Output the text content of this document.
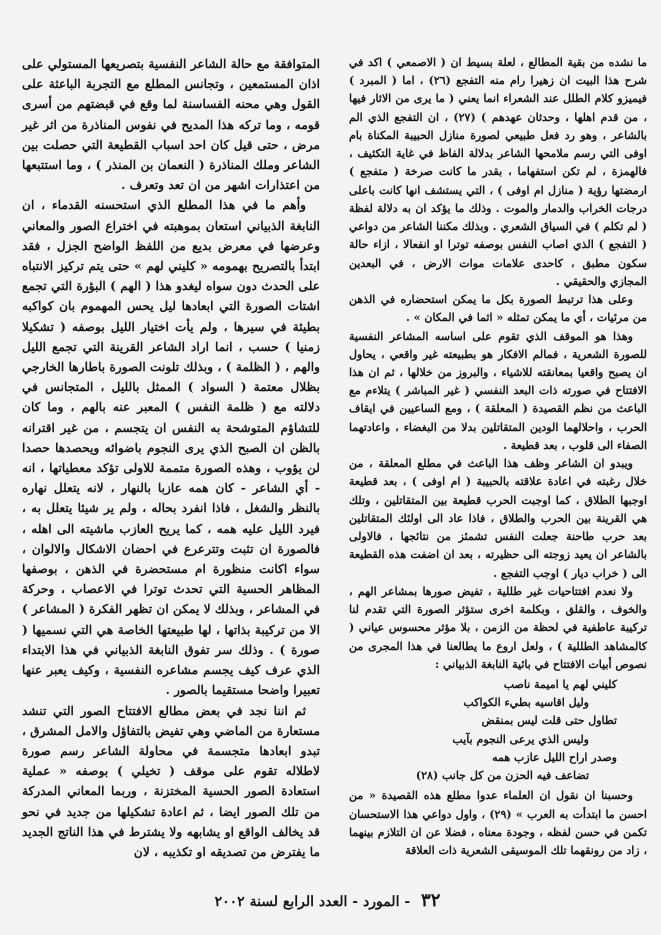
ما نشده من بقية المطالع ، لعلة بسيط ان ( الاصمعي ) اكد في شرح هذا البيت ان زهيرا رام منه التفجع (٢٦) ، اما ( المبرد ) فيميزو كلام الطلل عند الشعراء انما يعني ( ما يرى من الاثار فيها ، من قدم اهلها ، وحدثان عهدهم ) (٢٧) ، ان التفجع الذي الم بالشاعر ، وهو رد فعل طبيعي لصورة منازل الحبيبة المكناة بام اوفى التي رسم ملامحها الشاعر بدلالة الفاظ في غاية التكثيف ، فالهمزة ، لم تكن استفهاما ، بقدر ما كانت صرخة ( متفجع ) ارمضتها رؤية ( منازل ام اوفى ) ، التي يستشف انها كانت باعلى درجات الخراب والدمار والموت . وذلك ما يؤكد ان به دلالة لفظة ( لم تكلم ) في السياق الشعري . وبذلك مكننا الشاعر من دواعي ( التفجع ) الذي اصاب النفس بوصفه توترا او انفعالا ، ازاء حالة سكون مطبق ، كاحدى علامات موات الارض ، في البعدين المجازي والحقيقي .

وعلى هذا ترتبط الصورة بكل ما يمكن استحضاره في الذهن من مرئيات ، أي ما يمكن تمثله « اثما في المكان » .

وهذا هو الموقف الذي تقوم على اساسه المشاعر النفسية للصورة الشعرية ، فمالم الافكار هو بطبيعته غير واقعي ، يحاول ان يصبح واقعيا بمعانقته للاشياء ، والبروز من خلالها ، ثم ان هذا الافتتاح في صورته ذات البعد النفسي ( غير المباشر ) يتلاءم مع الباعث من نظم القصيدة ( المعلقة ) ، ومع الساعيين في ايقاف الحرب ، واحلالهما الودين المتقاتلين بدلا من البغضاء ، واعادتهما الصفاء الى قلوب ، بعد قطيعة .

ويبدو ان الشاعر وظف هذا الباعث في مطلع المعلقة ، من خلال رغبته في اعادة علاقته بالحبيبة ( ام اوفى ) ، بعد قطيعة اوجبها الطلاق ، كما اوجبت الحرب قطيعة بين المتقاتلين ، وتلك هي القرينة بين الحرب والطلاق ، فاذا عاد الى اولئك المتقاتلين بعد حرب طاحنة جعلت النفس تشمئز من نتائجها ، فالاولى بالشاعر ان يعيد زوجته الى حظيرته ، بعد ان اضفت هذه القطيعة الى ( خراب ديار ) اوجب التفجع .

ولا نعدم افتتاحيات غير طللية ، تفيض صورها بمشاعر الهم ، والخوف ، والقلق ، وبكلمة اخرى ستؤثر الصورة التي تقدم لنا تركيبة عاطفية في لحظة من الزمن ، بلا مؤثر محسوس عياني ( كالمشاهد الطللية ) ، ولعل اروع ما يطالعنا في هذا المجرى من نصوص أبيات الافتتاح في بائية النابغة الذبياني :

كليني لهم يا اميمة ناصب
وليل اقاسيه بطيء الكواكب
تطاول حتى قلت ليس بمنقض
وليس الذي يرعى النجوم بآيب
وصدر اراح الليل عازب همه
تضاعف فيه الحزن من كل جانب (٢٨)

وحسبنا ان نقول ان العلماء عدوا مطلع هذه القصيدة « من احسن ما ابتدأت به العرب » (٢٩) ، واول دواعي هذا الاستحسان تكمن في حسن لفظه ، وجودة معناه ، فضلا عن ان التلازم بينهما ، زاد من رونقهما تلك الموسيقى الشعرية ذات العلاقة

المتوافقة مع حالة الشاعر النفسية بتصريعها المستولي على اذان المستمعين ، وتجانس المطلع مع التجربة الباعثة على القول وهي محنه الفساسنة لما وقع في قبضتهم من أسرى قومه ، وما تركه هذا المديح في نفوس المناذرة من اثر غير مرض ، حتى قيل كان احد اسباب القطيعة التي حصلت بين الشاعر وملك المناذرة ( النعمان بن المنذر ) ، وما استتبعها من اعتذارات اشهر من ان تعد وتعرف .

وأهم ما في هذا المطلع الذي استحسنه القدماء ، ان النابغة الذبياني استعان بموهبته في اختراع الصور والمعاني وعرضها في معرض بديع من اللفظ الواضح الجزل ، فقد ابتدأ بالتصريح بهمومه « كليني لهم » حتى يتم تركيز الانتباه على الحدث دون سواه ليغدو هذا ( الهم ) البؤرة التي تجمع اشتات الصورة التي ابعادها ليل يحس المهموم بان كواكبه بطيئة في سيرها ، ولم يأت اختيار الليل بوصفه ( تشكيلا زمنيا ) حسب ، انما اراد الشاعر القرينة التي تجمع الليل والهم ، ( الظلمة ) ، وبذلك تلونت الصورة باطارها الخارجي بظلال معتمة ( السواد ) الممثل بالليل ، المتجانس في دلالته مع ( ظلمة النفس ) المعبر عنه بالهم ، وما كان للتشاؤم المتوشحة به النفس ان يتجسم ، من غير اقترانه بالظن ان الصبح الذي يرى النجوم باضوائه ويحصدها حصدا لن يؤوب ، وهذه الصورة متممة للاولى تؤكد معطياتها ، انه - أي الشاعر - كان همه عازبا بالنهار ، لانه يتعلل نهاره بالنظر والشغل ، فاذا انفرد بحاله ، ولم ير شيئا يتعلل به ، فيرد الليل عليه همه ، كما يريح العازب ماشيته الى اهله ، فالصورة ان تثبت وتترعرع في احضان الاشكال والالوان ، سواء اكانت منظورة ام مستحضرة في الذهن ، بوصفها المظاهر الحسية التي تحدث توترا في الاعصاب ، وحركة في المشاعر ، وبذلك لا يمكن ان تظهر الفكرة ( المشاعر ) الا من تركيبة بذاتها ، لها طبيعتها الخاصة هي التي نسميها ( صورة ) . وذلك سر تفوق النابغة الذبياني في هذا الابتداء الذي عرف كيف يجسم مشاعره النفسية ، وكيف يعبر عنها تعبيرا واضحا مستقيما بالصور .

ثم اننا نجد في بعض مطالع الافتتاح الصور التي تنشد مستعارة من الماضي وهي تفيض بالتفاؤل والامل المشرق ، تبدو ابعادها متجسمة في محاولة الشاعر رسم صورة لاطلاله تقوم على موقف ( تخيلي ) بوصفه « عملية استعادة الصور الحسية المختزنة ، وربما المعاني المدركة من تلك الصور ايضا ، ثم اعادة تشكيلها من جديد في نحو قد يخالف الواقع او يشابهه ولا يشترط في هذا الناتج الجديد ما يفترض من تصديقه او تكذيبه ، لان

٣٢ - المورد - العدد الرابع لسنة ٢٠٠٢
